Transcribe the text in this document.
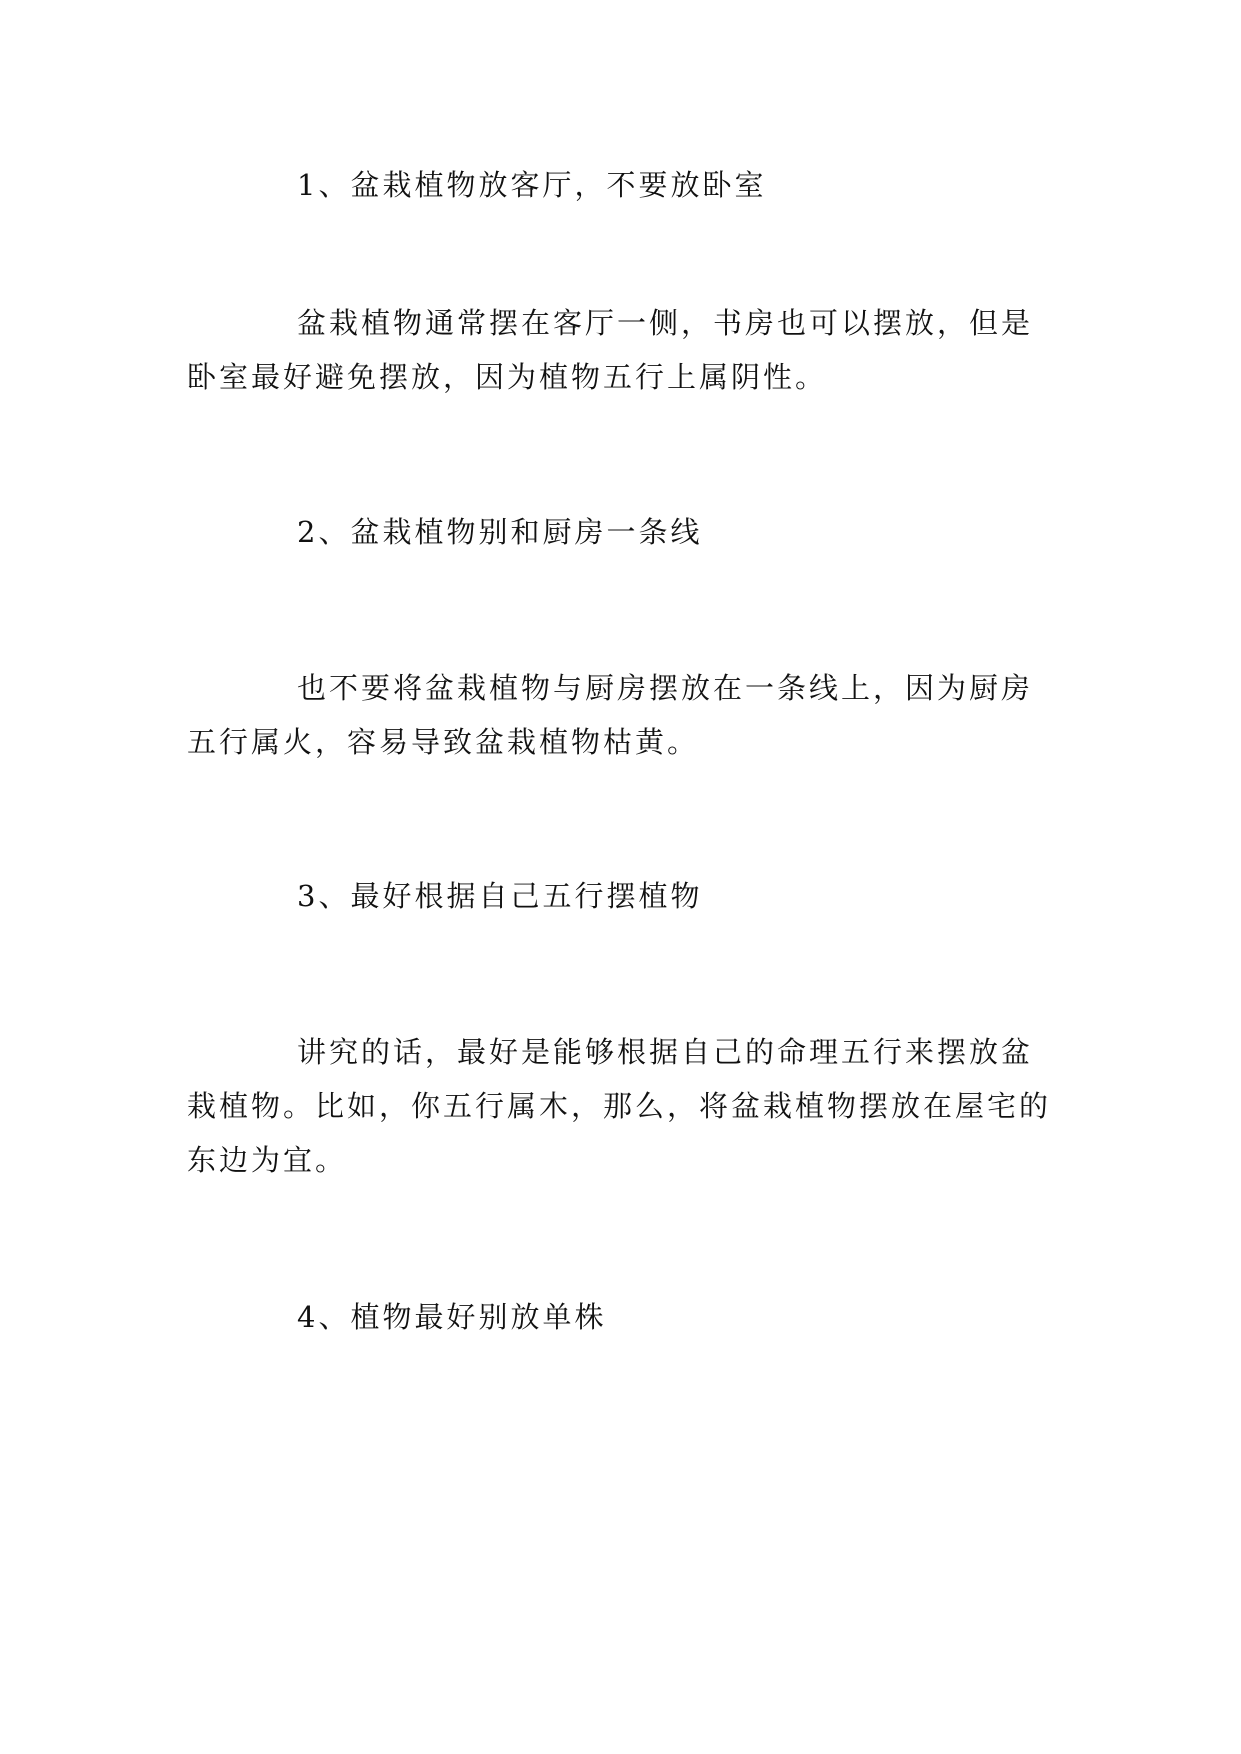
1、盆栽植物放客厅，不要放卧室

盆栽植物通常摆在客厅一侧，书房也可以摆放，但是卧室最好避免摆放，因为植物五行上属阴性。

2、盆栽植物别和厨房一条线

也不要将盆栽植物与厨房摆放在一条线上，因为厨房五行属火，容易导致盆栽植物枯黄。

3、最好根据自己五行摆植物

讲究的话，最好是能够根据自己的命理五行来摆放盆栽植物。比如，你五行属木，那么，将盆栽植物摆放在屋宅的东边为宜。

4、植物最好别放单株
